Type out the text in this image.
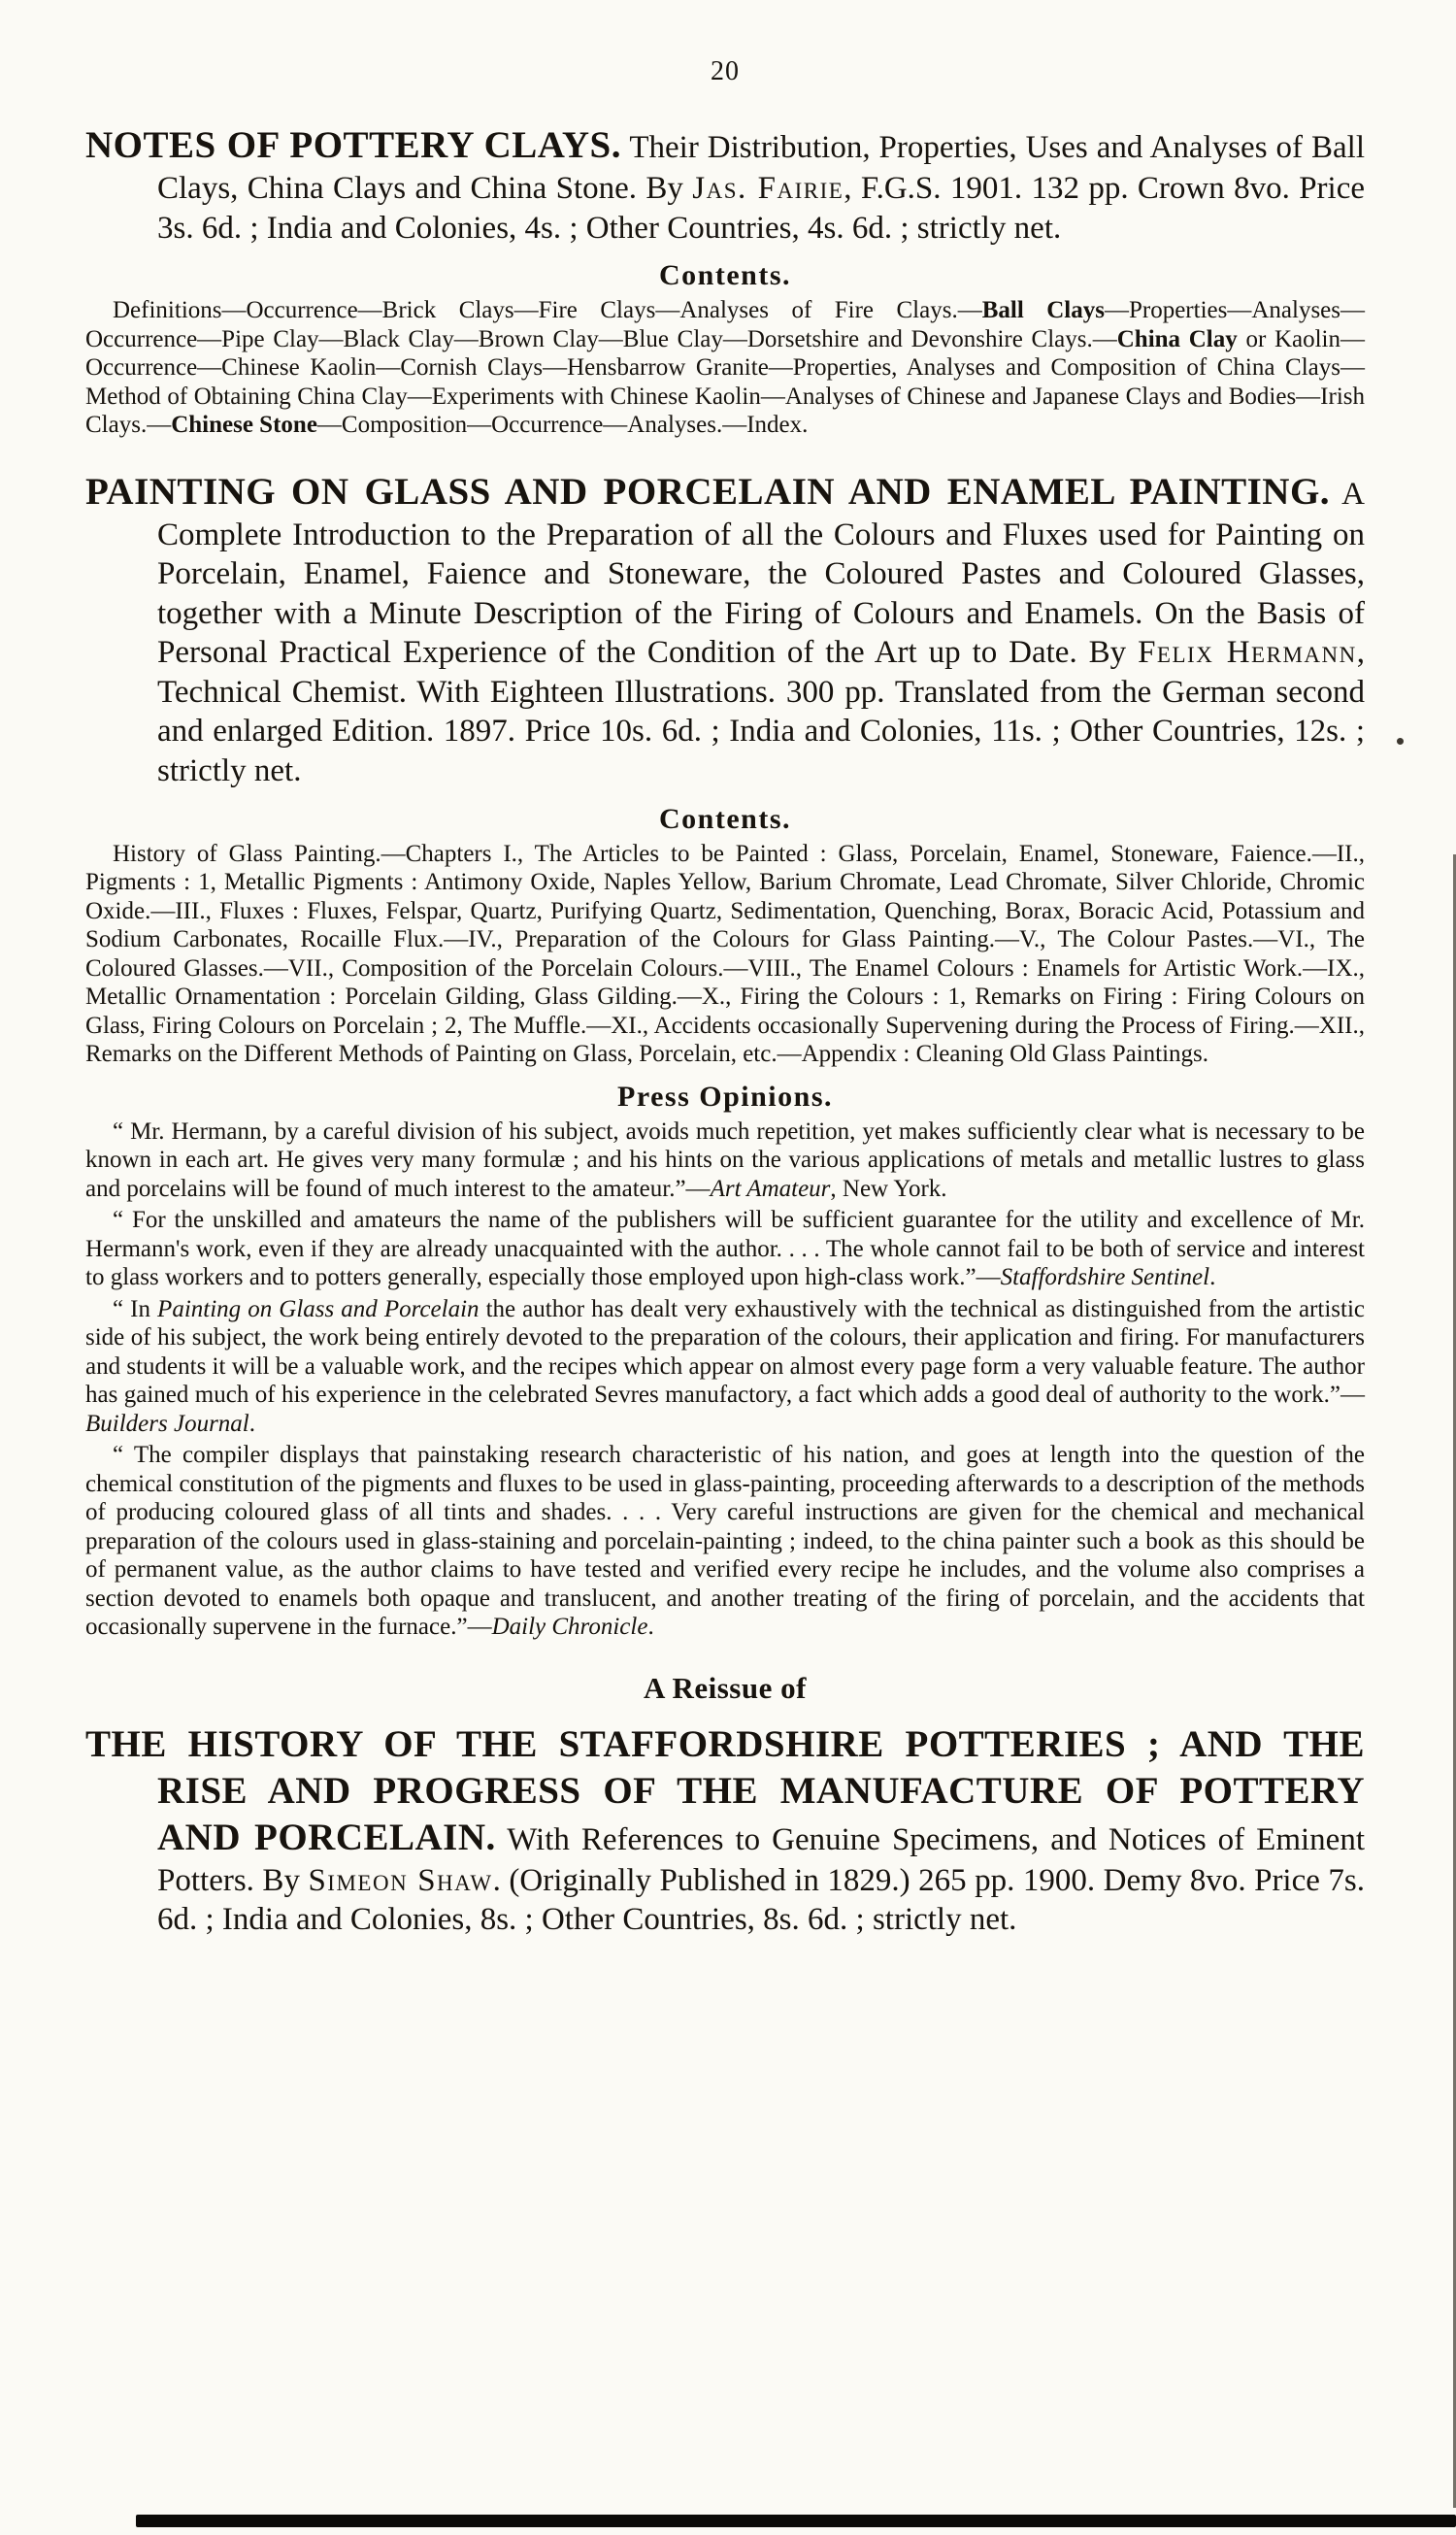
20

NOTES OF POTTERY CLAYS. Their Distribution, Properties, Uses and Analyses of Ball Clays, China Clays and China Stone. By Jas. Fairie, F.G.S. 1901. 132 pp. Crown 8vo. Price 3s. 6d. ; India and Colonies, 4s. ; Other Countries, 4s. 6d. ; strictly net.

Contents.

Definitions—Occurrence—Brick Clays—Fire Clays—Analyses of Fire Clays.—Ball Clays—Properties—Analyses—Occurrence—Pipe Clay—Black Clay—Brown Clay—Blue Clay—Dorsetshire and Devonshire Clays.—China Clay or Kaolin—Occurrence—Chinese Kaolin—Cornish Clays—Hensbarrow Granite—Properties, Analyses and Composition of China Clays—Method of Obtaining China Clay—Experiments with Chinese Kaolin—Analyses of Chinese and Japanese Clays and Bodies—Irish Clays.—Chinese Stone—Composition—Occurrence—Analyses.—Index.

PAINTING ON GLASS AND PORCELAIN AND ENAMEL PAINTING. A Complete Introduction to the Preparation of all the Colours and Fluxes used for Painting on Porcelain, Enamel, Faience and Stoneware, the Coloured Pastes and Coloured Glasses, together with a Minute Description of the Firing of Colours and Enamels. On the Basis of Personal Practical Experience of the Condition of the Art up to Date. By Felix Hermann, Technical Chemist. With Eighteen Illustrations. 300 pp. Translated from the German second and enlarged Edition. 1897. Price 10s. 6d. ; India and Colonies, 11s. ; Other Countries, 12s. ; strictly net.

Contents.

History of Glass Painting.—Chapters I., The Articles to be Painted : Glass, Porcelain, Enamel, Stoneware, Faience.—II., Pigments : 1, Metallic Pigments : Antimony Oxide, Naples Yellow, Barium Chromate, Lead Chromate, Silver Chloride, Chromic Oxide.—III., Fluxes : Fluxes, Felspar, Quartz, Purifying Quartz, Sedimentation, Quenching, Borax, Boracic Acid, Potassium and Sodium Carbonates, Rocaille Flux.—IV., Preparation of the Colours for Glass Painting.—V., The Colour Pastes.—VI., The Coloured Glasses.—VII., Composition of the Porcelain Colours.—VIII., The Enamel Colours : Enamels for Artistic Work.—IX., Metallic Ornamentation : Porcelain Gilding, Glass Gilding.—X., Firing the Colours : 1, Remarks on Firing : Firing Colours on Glass, Firing Colours on Porcelain ; 2, The Muffle.—XI., Accidents occasionally Supervening during the Process of Firing.—XII., Remarks on the Different Methods of Painting on Glass, Porcelain, etc.—Appendix : Cleaning Old Glass Paintings.

Press Opinions.

“ Mr. Hermann, by a careful division of his subject, avoids much repetition, yet makes sufficiently clear what is necessary to be known in each art. He gives very many formulæ ; and his hints on the various applications of metals and metallic lustres to glass and porcelains will be found of much interest to the amateur.”—Art Amateur, New York.

“ For the unskilled and amateurs the name of the publishers will be sufficient guarantee for the utility and excellence of Mr. Hermann's work, even if they are already unacquainted with the author. . . . The whole cannot fail to be both of service and interest to glass workers and to potters generally, especially those employed upon high-class work.”—Staffordshire Sentinel.

“ In Painting on Glass and Porcelain the author has dealt very exhaustively with the technical as distinguished from the artistic side of his subject, the work being entirely devoted to the preparation of the colours, their application and firing. For manufacturers and students it will be a valuable work, and the recipes which appear on almost every page form a very valuable feature. The author has gained much of his experience in the celebrated Sevres manufactory, a fact which adds a good deal of authority to the work.”—Builders Journal.

“ The compiler displays that painstaking research characteristic of his nation, and goes at length into the question of the chemical constitution of the pigments and fluxes to be used in glass-painting, proceeding afterwards to a description of the methods of producing coloured glass of all tints and shades. . . . Very careful instructions are given for the chemical and mechanical preparation of the colours used in glass-staining and porcelain-painting ; indeed, to the china painter such a book as this should be of permanent value, as the author claims to have tested and verified every recipe he includes, and the volume also comprises a section devoted to enamels both opaque and translucent, and another treating of the firing of porcelain, and the accidents that occasionally supervene in the furnace.”—Daily Chronicle.

A Reissue of

THE HISTORY OF THE STAFFORDSHIRE POTTERIES ; AND THE RISE AND PROGRESS OF THE MANUFACTURE OF POTTERY AND PORCELAIN. With References to Genuine Specimens, and Notices of Eminent Potters. By Simeon Shaw. (Originally Published in 1829.) 265 pp. 1900. Demy 8vo. Price 7s. 6d. ; India and Colonies, 8s. ; Other Countries, 8s. 6d. ; strictly net.
